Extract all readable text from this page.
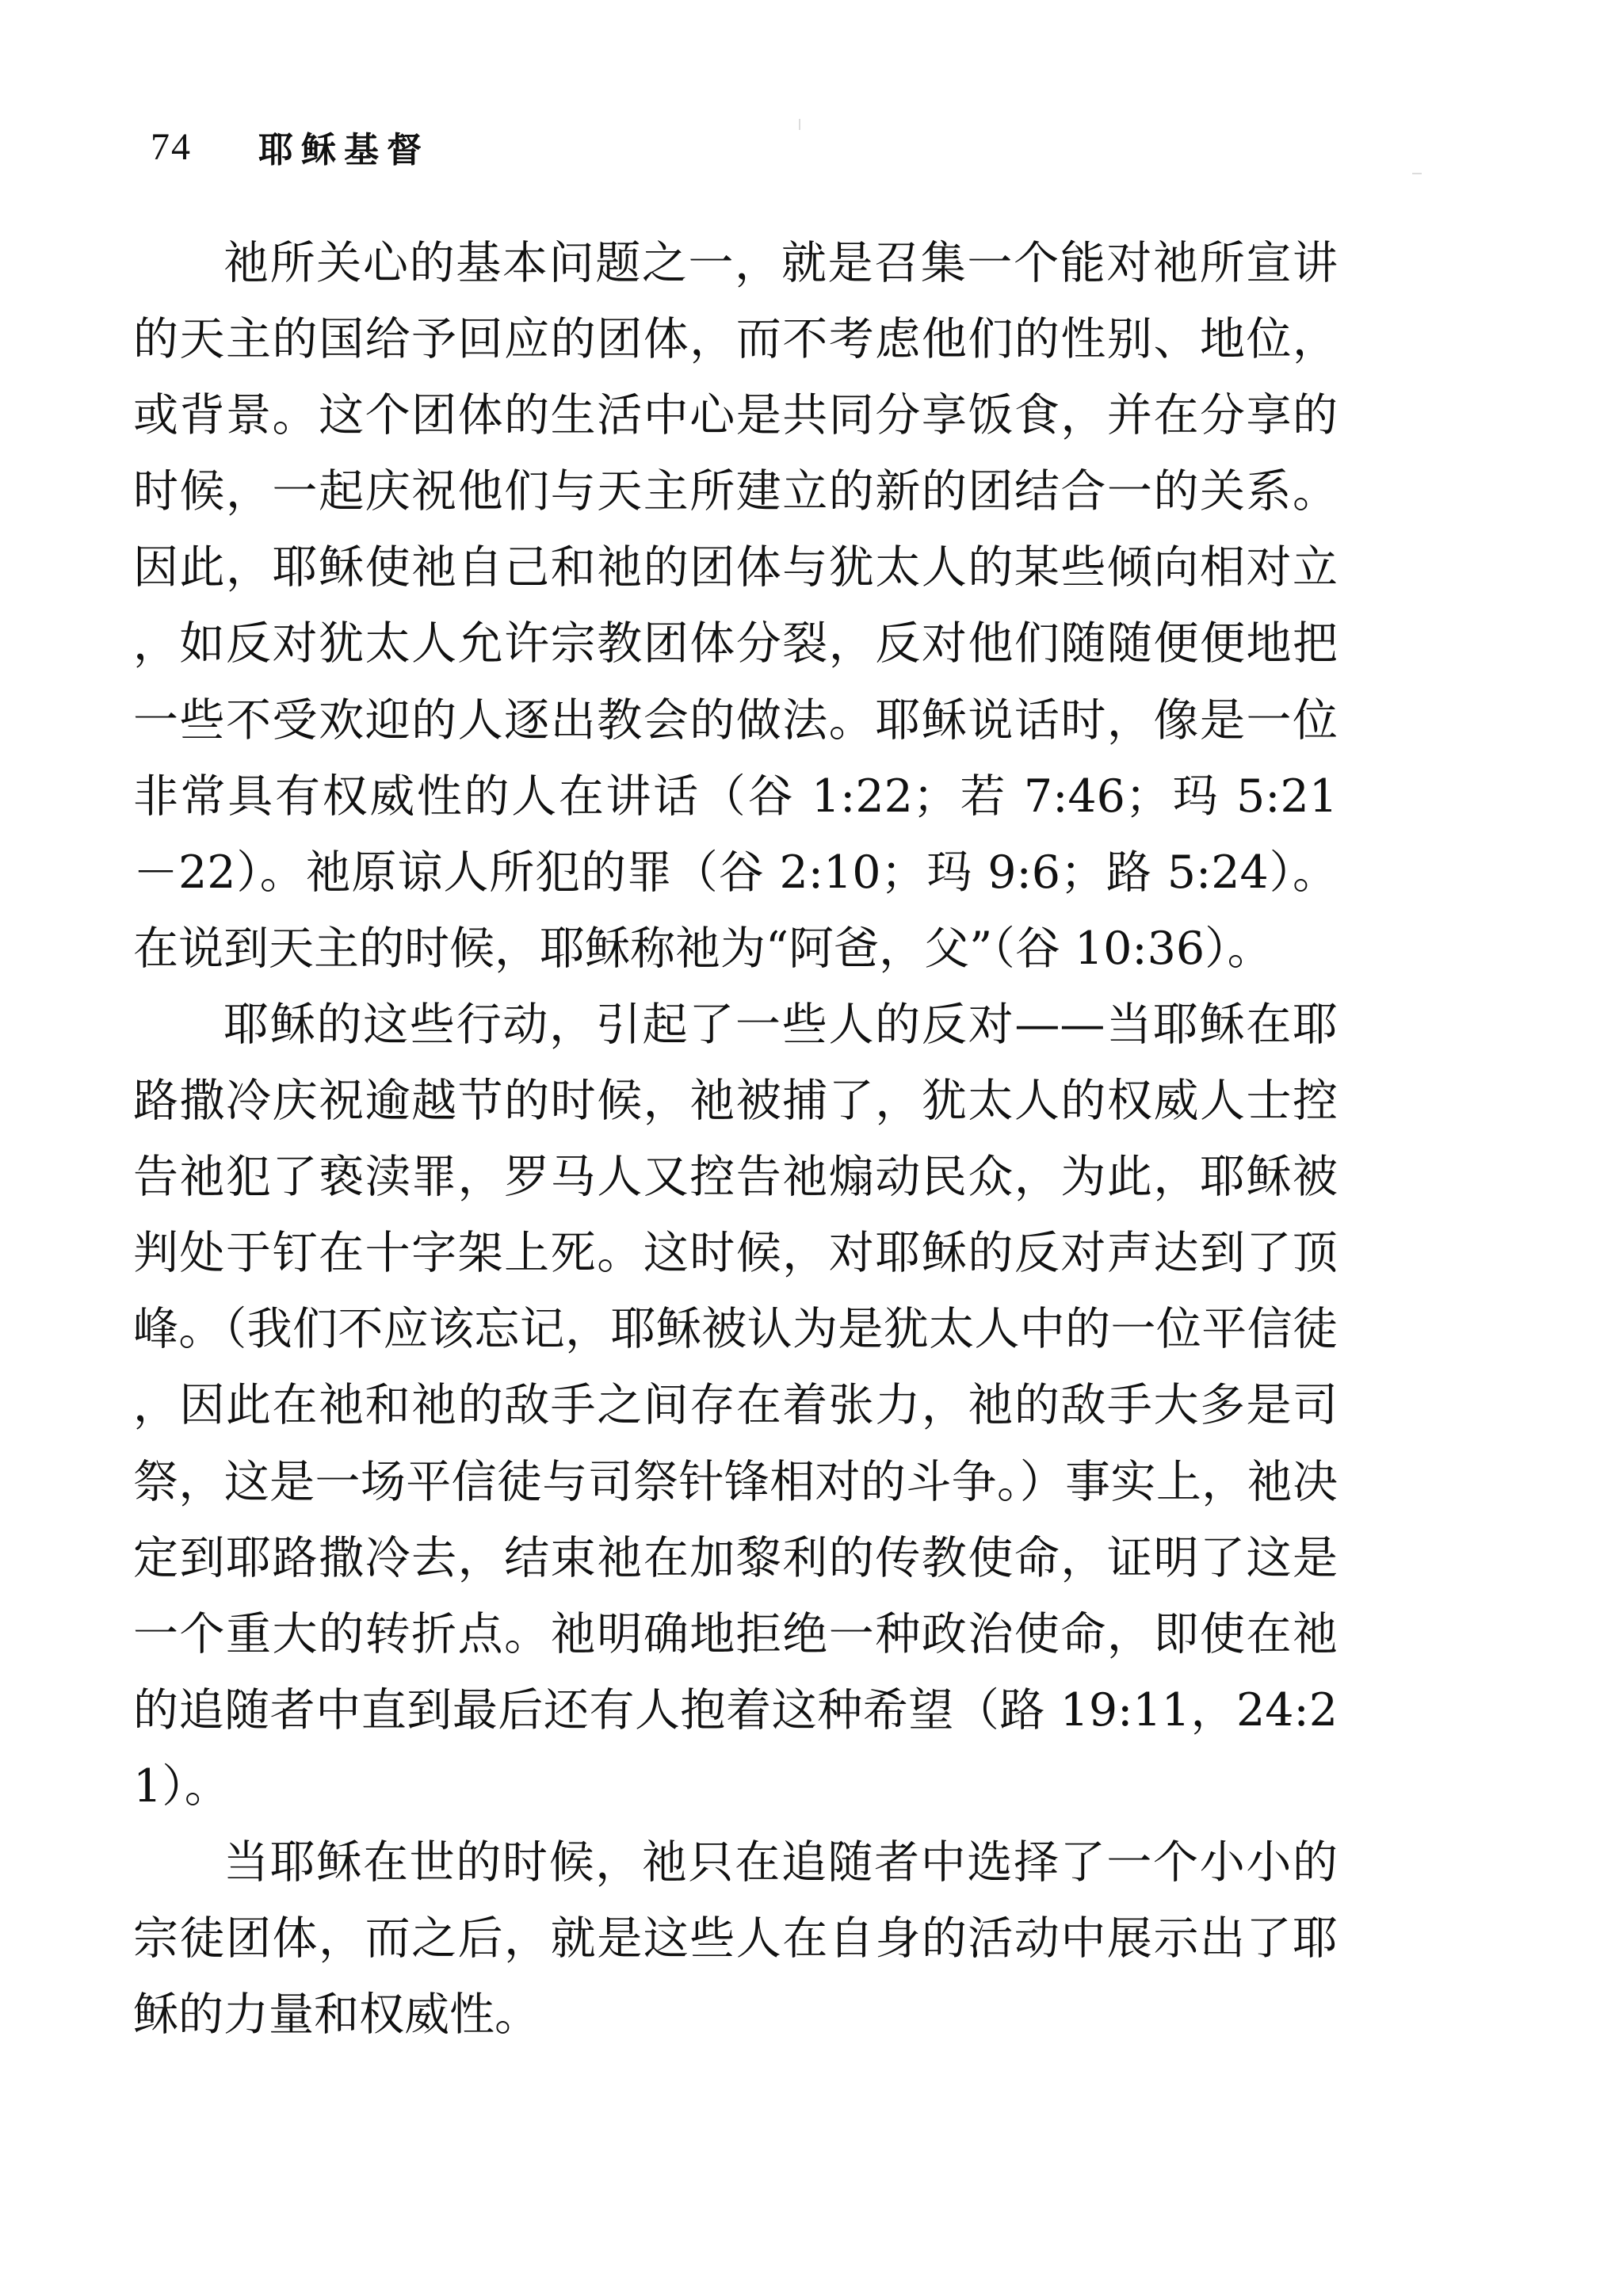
74 耶稣基督

祂所关心的基本问题之一，就是召集一个能对祂所宣讲的天主的国给予回应的团体，而不考虑他们的性别、地位，或背景。这个团体的生活中心是共同分享饭食，并在分享的时候，一起庆祝他们与天主所建立的新的团结合一的关系。因此，耶稣使祂自己和祂的团体与犹太人的某些倾向相对立，如反对犹太人允许宗教团体分裂，反对他们随随便便地把一些不受欢迎的人逐出教会的做法。耶稣说话时，像是一位非常具有权威性的人在讲话（谷 1:22；若 7:46；玛 5:21－22）。祂原谅人所犯的罪（谷 2:10；玛 9:6；路 5:24）。在说到天主的时候，耶稣称祂为“阿爸，父”（谷 10:36）。

耶稣的这些行动，引起了一些人的反对——当耶稣在耶路撒冷庆祝逾越节的时候，祂被捕了，犹太人的权威人士控告祂犯了亵渎罪，罗马人又控告祂煽动民众，为此，耶稣被判处于钉在十字架上死。这时候，对耶稣的反对声达到了顶峰。（我们不应该忘记，耶稣被认为是犹太人中的一位平信徒，因此在祂和祂的敌手之间存在着张力，祂的敌手大多是司祭，这是一场平信徒与司祭针锋相对的斗争。）事实上，祂决定到耶路撒冷去，结束祂在加黎利的传教使命，证明了这是一个重大的转折点。祂明确地拒绝一种政治使命，即使在祂的追随者中直到最后还有人抱着这种希望（路 19:11，24:21）。

当耶稣在世的时候，祂只在追随者中选择了一个小小的宗徒团体，而之后，就是这些人在自身的活动中展示出了耶稣的力量和权威性。
